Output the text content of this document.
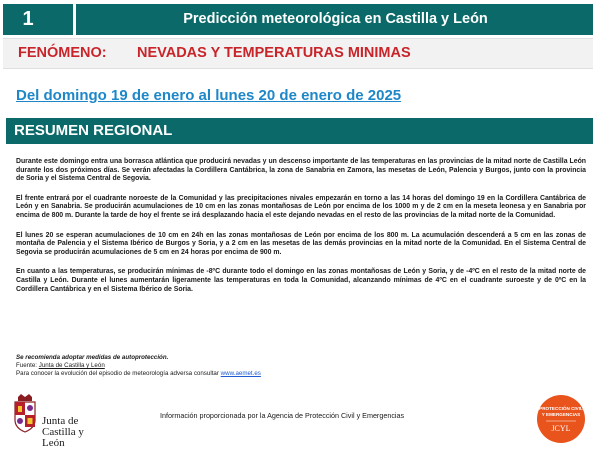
1	Predicción meteorológica en Castilla y León
FENÓMENO: NEVADAS Y TEMPERATURAS MINIMAS
Del domingo 19 de enero al lunes 20 de enero de 2025
RESUMEN REGIONAL

Durante este domingo entra una borrasca atlántica que producirá nevadas y un descenso importante de las temperaturas en las provincias de la mitad norte de Castilla León durante los dos próximos días. Se verán afectadas la Cordillera Cantábrica, la zona de Sanabria en Zamora, las mesetas de León, Palencia y Burgos, junto con la provincia de Soria y el Sistema Central de Segovia.

El frente entrará por el cuadrante noroeste de la Comunidad y las precipitaciones nivales empezarán en torno a las 14 horas del domingo 19 en la Cordillera Cantábrica de León y en Sanabria. Se producirán acumulaciones de 10 cm en las zonas montañosas de León por encima de los 1000 m y de 2 cm en la meseta leonesa y en Sanabria por encima de 800 m. Durante la tarde de hoy el frente se irá desplazando hacia el este dejando nevadas en el resto de las provincias de la mitad norte de la Comunidad.

El lunes 20 se esperan acumulaciones de 10 cm en 24h en las zonas montañosas de León por encima de los 800 m. La acumulación descenderá a 5 cm en las zonas de montaña de Palencia y el Sistema Ibérico de Burgos y Soria, y a 2 cm en las mesetas de las demás provincias en la mitad norte de la Comunidad. En el Sistema Central de Segovia se producirán acumulaciones de 5 cm en 24 horas por encima de 900 m.

En cuanto a las temperaturas, se producirán mínimas de -8ºC durante todo el domingo en las zonas montañosas de León y Soria, y de -4ºC en el resto de la mitad norte de Castilla y León. Durante el lunes aumentarán ligeramente las temperaturas en toda la Comunidad, alcanzando mínimas de 4ºC en el cuadrante suroeste y de 0ºC en la Cordillera Cantábrica y en el Sistema Ibérico de Soria.

Se recomienda adoptar medidas de autoprotección.
Fuente: Junta de Castilla y León
Para conocer la evolución del episodio de meteorología adversa consultar www.aemet.es
Junta de
Castilla y León
Información proporcionada por la Agencia de Protección Civil y Emergencias
PROTECCIÓN CIVIL
Y EMERGENCIAS
JCYL
